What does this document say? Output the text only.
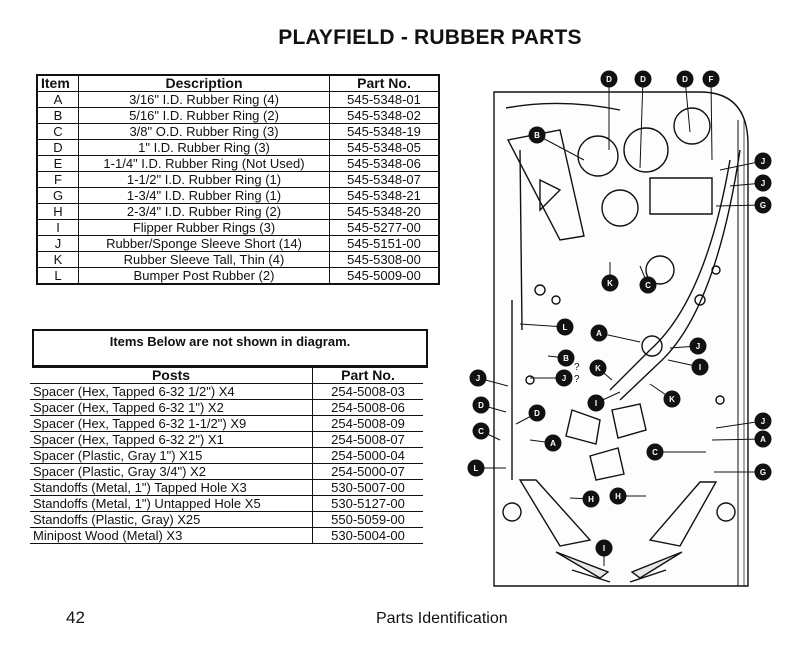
PLAYFIELD - RUBBER PARTS
Item	Description	Part No.
A	3/16" I.D. Rubber Ring (4)	545-5348-01
B	5/16" I.D. Rubber Ring (2)	545-5348-02
C	3/8" O.D. Rubber Ring (3)	545-5348-19
D	1" I.D. Rubber Ring (3)	545-5348-05
E	1-1/4" I.D. Rubber Ring (Not Used)	545-5348-06
F	1-1/2" I.D. Rubber Ring (1)	545-5348-07
G	1-3/4" I.D. Rubber Ring (1)	545-5348-21
H	2-3/4" I.D. Rubber Ring (2)	545-5348-20
I	Flipper Rubber Rings (3)	545-5277-00
J	Rubber/Sponge Sleeve Short (14)	545-5151-00
K	Rubber Sleeve Tall, Thin (4)	545-5308-00
L	Bumper Post Rubber (2)	545-5009-00
Items Below are not shown in diagram.
Posts	Part No.
Spacer (Hex, Tapped 6-32 1/2") X4	254-5008-03
Spacer (Hex, Tapped 6-32 1") X2	254-5008-06
Spacer (Hex, Tapped 6-32 1-1/2") X9	254-5008-09
Spacer (Hex, Tapped 6-32 2") X1	254-5008-07
Spacer (Plastic, Gray 1") X15	254-5000-04
Spacer (Plastic, Gray 3/4") X2	254-5000-07
Standoffs (Metal, 1") Tapped Hole X3	530-5007-00
Standoffs (Metal, 1") Untapped Hole X5	530-5127-00
Standoffs (Plastic, Gray) X25	550-5059-00
Minipost Wood (Metal) X3	530-5004-00
?
?
D	D	D	F
B
J
J
G
K	C
L
A
J
B
K	I
J
J
K
I
D
D
J
A
C
A
C
L	G
H	H
I
42	Parts Identification
